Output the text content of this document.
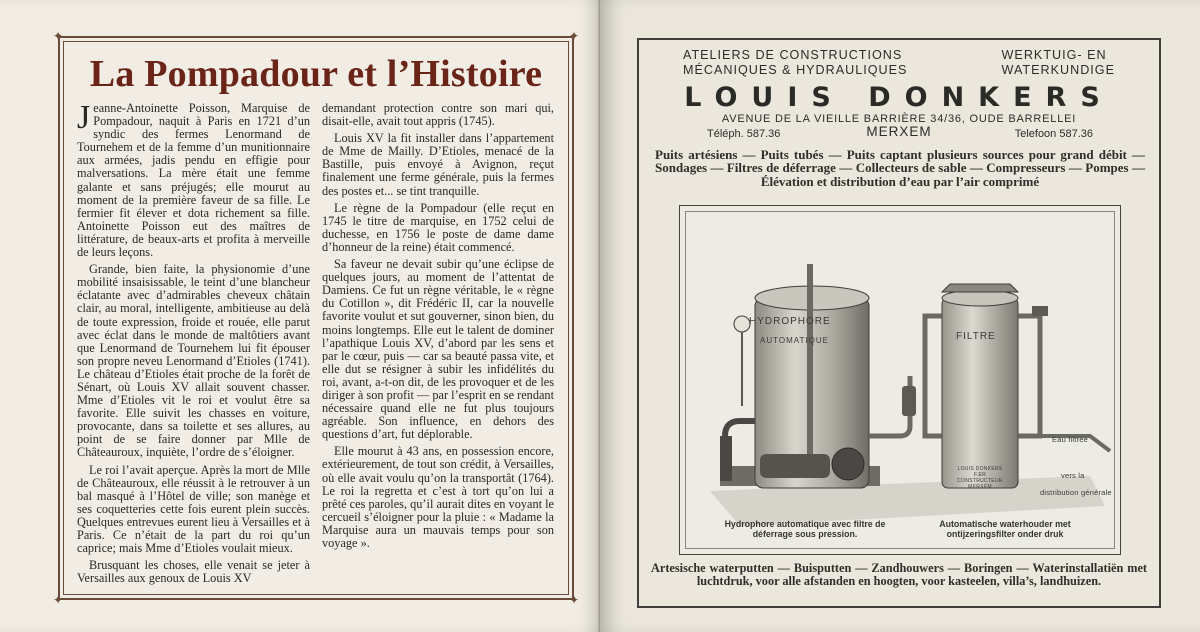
✦	✦
✦	✦
La Pompadour et l’Histoire

Jeanne-Antoinette Poisson, Marquise de Pompadour, naquit à Paris en 1721 d’un syndic des fermes Lenormand de Tournehem et de la femme d’un munitionnaire aux armées, jadis pendu en effigie pour malversations. La mère était une femme galante et sans préjugés; elle mourut au moment de la première faveur de sa fille. Le fermier fit élever et dota richement sa fille. Antoinette Poisson eut des maîtres de littérature, de beaux-arts et profita à merveille de leurs leçons.

Grande, bien faite, la physionomie d’une mobilité insaisissable, le teint d’une blancheur éclatante avec d’admirables cheveux châtain clair, au moral, intelligente, ambitieuse au delà de toute expression, froide et rouée, elle parut avec éclat dans le monde de maltôtiers avant que Lenormand de Tournehem lui fit épouser son propre neveu Lenormand d’Etioles (1741). Le château d’Etioles était proche de la forêt de Sénart, où Louis XV allait souvent chasser. Mme d’Etioles vit le roi et voulut être sa favorite. Elle suivit les chasses en voiture, provocante, dans sa toilette et ses allures, au point de se faire donner par Mlle de Châteauroux, inquiète, l’ordre de s’éloigner.

Le roi l’avait aperçue. Après la mort de Mlle de Châteauroux, elle réussit à le retrouver à un bal masqué à l’Hôtel de ville; son manège et ses coquetteries cette fois eurent plein succès. Quelques entrevues eurent lieu à Versailles et à Paris. Ce n’était de la part du roi qu’un caprice; mais Mme d’Etioles voulait mieux.

Brusquant les choses, elle venait se jeter à Versailles aux genoux de Louis XV

demandant protection contre son mari qui, disait-elle, avait tout appris (1745).

Louis XV la fit installer dans l’appartement de Mme de Mailly. D’Etioles, menacé de la Bastille, puis envoyé à Avignon, reçut finalement une ferme générale, puis la fermes des postes et... se tint tranquille.

Le règne de la Pompadour (elle reçut en 1745 le titre de marquise, en 1752 celui de duchesse, en 1756 le poste de dame dame d’honneur de la reine) était commencé.

Sa faveur ne devait subir qu’une éclipse de quelques jours, au moment de l’attentat de Damiens. Ce fut un règne véritable, le « règne du Cotillon », dit Frédéric II, car la nouvelle favorite voulut et sut gouverner, sinon bien, du moins longtemps. Elle eut le talent de dominer l’apathique Louis XV, d’abord par les sens et par le cœur, puis — car sa beauté passa vite, et elle dut se résigner à subir les infidélités du roi, avant, a-t-on dit, de les provoquer et de les diriger à son profit — par l’esprit en se rendant nécessaire quand elle ne fut plus toujours agréable. Son influence, en dehors des questions d’art, fut déplorable.

Elle mourut à 43 ans, en possession encore, extérieurement, de tout son crédit, à Versailles, où elle avait voulu qu’on la transportât (1764). Le roi la regretta et c’est à tort qu’on lui a prêté ces paroles, qu’il aurait dites en voyant le cercueil s’éloigner pour la pluie : « Madame la Marquise aura un mauvais temps pour son voyage ».

ATELIERS DE CONSTRUCTIONS
MÉCANIQUES & HYDRAULIQUES
WERKTUIG- EN
WATERKUNDIGE
LOUIS DONKERS
AVENUE DE LA VIEILLE BARRIÈRE 34/36, OUDE BARRELLEI
Téléph. 587.36	MERXEM	Telefoon 587.36
Puits artésiens — Puits tubés — Puits captant plusieurs sources pour grand débit — Sondages — Filtres de déferrage — Collecteurs de sable — Compresseurs — Pompes — Élévation et distribution d’eau par l’air comprimé
HYDROPHORE
AUTOMATIQUE	FILTRE
LOUIS DONKERS F.ER CONSTRUCTEUR MERXEM
Eau filtrée
vers la
distribution générale
Hydrophore automatique avec filtre de déferrage sous pression.
Automatische waterhouder met ontijzeringsfilter onder druk
Artesische waterputten — Buisputten — Zandhouwers — Boringen — Waterinstallatiën met luchtdruk, voor alle afstanden en hoogten, voor kasteelen, villa’s, landhuizen.
